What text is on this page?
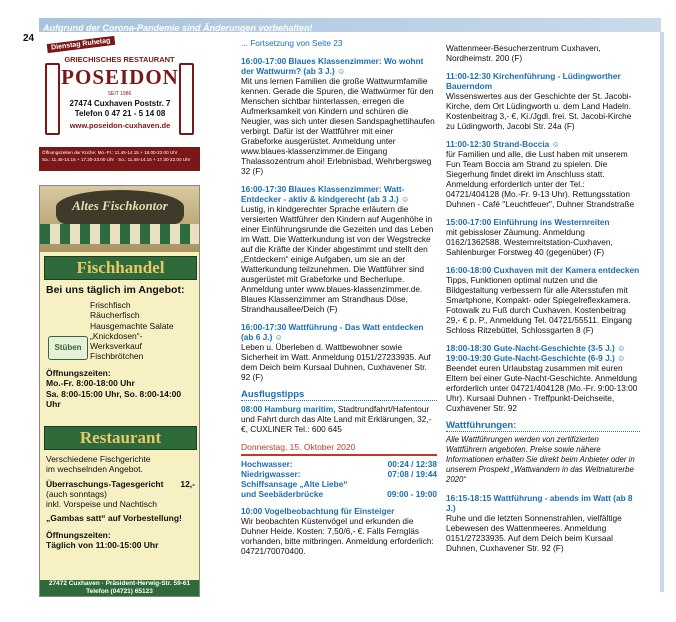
Aufgrund der Corona-Pandemie sind Änderungen vorbehalten!
24	Dienstag Ruhetag
GRIECHISCHES RESTAURANT
POSEIDON
SEIT 1986
27474 Cuxhaven Poststr. 7
Telefon 0 47 21 - 5 14 08
www.poseidon-cuxhaven.de
Öffnungszeiten der Küche: Mo.-Fr.: 11.45-14.15 + 18.00-23.00 Uhr
Sa.: 11.45-14.15 + 17.30-23.00 Uhr · So.: 11.45-14.15 + 17.30-22.00 Uhr
Altes Fischkontor
Fischhandel
Bei uns täglich im Angebot:
Frischfisch
Räucherfisch
Hausgemachte Salate
„Knickdosen“-
Werksverkauf
Fischbrötchen
Stüben
Öffnungszeiten:
Mo.-Fr. 8:00-18:00 Uhr
Sa. 8:00-15:00 Uhr, So. 8:00-14:00 Uhr
Restaurant
Verschiedene Fischgerichte
im wechselnden Angebot.
Überraschungs-Tagesgericht 12,-
(auch sonntags)
inkl. Vorspeise und Nachtisch
„Gambas satt“ auf Vorbestellung!
Öffnungszeiten:
Täglich von 11:00-15:00 Uhr
27472 Cuxhaven · Präsident-Herwig-Str. 59-61
Telefon (04721) 65123

... Fortsetzung von Seite 23

16:00-17:00 Blaues Klassenzimmer: Wo wohnt der Wattwurm? (ab 3 J.) ☺
Mit uns lernen Familien die große Wattwurmfamilie kennen. Gerade die Spuren, die Wattwürmer für den Menschen sichtbar hinterlassen, erregen die Aufmerksamkeit von Kindern und schüren die Neugier, was sich unter diesen Sandspaghettihaufen verbirgt. Dafür ist der Wattführer mit einer Grabeforke ausgerüstet. Anmeldung unter www.blaues-klassenzimmer.de Eingang Thalassozentrum ahoi! Erlebnisbad, Wehrbergsweg 32 (F)

16:00-17:30 Blaues Klassenzimmer: Watt-Entdecker - aktiv & kindgerecht (ab 3 J.) ☺
Lustig, in kindgerechter Sprache erläutern die versierten Wattführer den Kindern auf Augenhöhe in einer Einführungsrunde die Gezeiten und das Leben im Watt. Die Watterkundung ist von der Wegstrecke auf die Kräfte der Kinder abgestimmt und stellt den „Entdeckern“ einige Aufgaben, um sie an der Watterkundung teilzunehmen. Die Wattführer sind ausgerüstet mit Grabeforke und Becherlupe. Anmeldung unter www.blaues-klassenzimmer.de. Blaues Klassenzimmer am Strandhaus Döse, Strandhausallee/Deich (F)

16:00-17:30 Wattführung - Das Watt entdecken (ab 6 J.) ☺
Leben u. Überleben d. Wattbewohner sowie Sicherheit im Watt. Anmeldung 0151/27233935. Auf dem Deich beim Kursaal Duhnen, Cuxhavener Str. 92 (F)

Ausflugstipps

08:00 Hamburg maritim, Stadtrundfahrt/Hafentour und Fahrt durch das Alte Land mit Erklärungen, 32,- €, CUXLINER Tel.: 600 645

Donnerstag, 15. Oktober 2020
Hochwasser:	00:24 / 12:38
Niedrigwasser:	07:08 / 19:44
Schiffsansage „Alte Liebe“ und Seebäderbrücke	09:00 - 19:00

10:00 Vogelbeobachtung für Einsteiger
Wir beobachten Küstenvögel und erkunden die Duhner Heide. Kosten: 7,50/6,- €. Falls Ferngläs vorhanden, bitte mitbringen. Anmeldung erforderlich: 04721/70070400.

Wattenmeer-Besucherzentrum Cuxhaven, Nordheimstr. 200 (F)

11:00-12:30 Kirchenführung - Lüdingworther Bauerndom
Wissenswertes aus der Geschichte der St. Jacobi-Kirche, dem Ort Lüdingworth u. dem Land Hadeln. Kostenbeitrag 3,- €, Ki./Jgdl. frei. St. Jacobi-Kirche zu Lüdingworth, Jacobi Str. 24a (F)

11:00-12:30 Strand-Boccia ☺
für Familien und alle, die Lust haben mit unserem Fun Team Boccia am Strand zu spielen. Die Siegerhung findet direkt im Anschluss statt. Anmeldung erforderlich unter der Tel.: 04721/404128 (Mo.-Fr. 9-13 Uhr). Rettungsstation Duhnen - Café "Leuchtfeuer", Duhner Strandstraße

15:00-17:00 Einführung ins Westernreiten
mit gebissloser Zäumung. Anmeldung 0162/1362588. Westernreitstation-Cuxhaven, Sahlenburger Forstweg 40 (gegenüber) (F)

16:00-18:00 Cuxhaven mit der Kamera entdecken
Tipps, Funktionen optimal nutzen und die Bildgestaltung verbessern für alle Altersstufen mit Smartphone, Kompakt- oder Spiegelreflexkamera. Fotowalk zu Fuß durch Cuxhaven. Kostenbeitrag 29,- € p. P., Anmeldung Tel. 04721/55511. Eingang Schloss Ritzebüttel, Schlossgarten 8 (F)

18:00-18:30 Gute-Nacht-Geschichte (3-5 J.) ☺ 19:00-19:30 Gute-Nacht-Geschichte (6-9 J.) ☺
Beendet euren Urlaubstag zusammen mit euren Eltern bei einer Gute-Nacht-Geschichte. Anmeldung erforderlich unter 04721/404128 (Mo.-Fr. 9:00-13:00 Uhr). Kursaal Duhnen - Treffpunkt-Deichseite, Cuxhavener Str. 92

Wattführungen:

Alle Wattführungen werden von zertifizierten Wattführern angeboten. Preise sowie nähere Informationen erhalten Sie direkt beim Anbieter oder in unserem Prospekt „Wattwandern in das Weltnaturerbe 2020“

16:15-18:15 Wattführung - abends im Watt (ab 8 J.)
Ruhe und die letzten Sonnenstrahlen, vielfältige Lebewesen des Wattenmeeres. Anmeldung 0151/27233935. Auf dem Deich beim Kursaal Duhnen, Cuxhavener Str. 92 (F)
